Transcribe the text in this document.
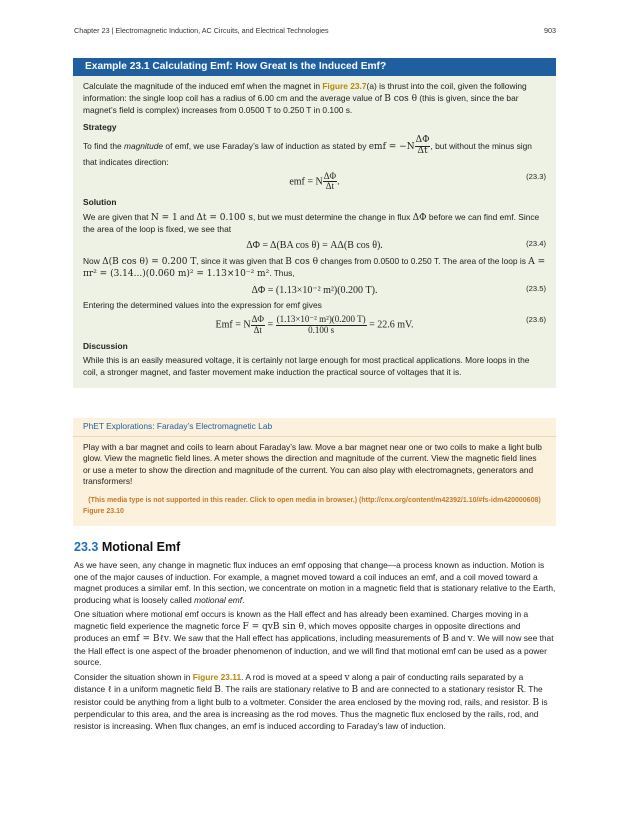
Chapter 23 | Electromagnetic Induction, AC Circuits, and Electrical Technologies	903
Example 23.1 Calculating Emf: How Great Is the Induced Emf?

Calculate the magnitude of the induced emf when the magnet in Figure 23.7(a) is thrust into the coil, given the following information: the single loop coil has a radius of 6.00 cm and the average value of B cos θ (this is given, since the bar magnet’s field is complex) increases from 0.0500 T to 0.250 T in 0.100 s.

Strategy

To find the magnitude of emf, we use Faraday’s law of induction as stated by emf = $-N \frac{\Delta\Phi}{\Delta t}$ , but without the minus sign that indicates direction:

emf = N $\frac{\Delta\Phi}{\Delta t}$ .
(23.3)
Solution

We are given that N = 1 and Δt = 0.100 s, but we must determine the change in flux ΔΦ before we can find emf. Since the area of the loop is fixed, we see that

ΔΦ = Δ(BA cos θ) = AΔ(B cos θ).	(23.4)

Now Δ(B cos θ) = 0.200 T, since it was given that B cos θ changes from 0.0500 to 0.250 T. The area of the loop is A = πr² = (3.14...)(0.060 m)² = 1.13×10⁻² m². Thus,

ΔΦ = (1.13×10⁻² m²)(0.200 T).	(23.5)

Entering the determined values into the expression for emf gives

Emf = N $\frac{\Delta\Phi}{\Delta t} = \frac{\text{(1.13×10⁻² m²)(0.200 T)}}{0.100 s} = 22.6$ mV.
(23.6)
Discussion

While this is an easily measured voltage, it is certainly not large enough for most practical applications. More loops in the coil, a stronger magnet, and faster movement make induction the practical source of voltages that it is.

PhET Explorations: Faraday’s Electromagnetic Lab

Play with a bar magnet and coils to learn about Faraday’s law. Move a bar magnet near one or two coils to make a light bulb glow. View the magnetic field lines. A meter shows the direction and magnitude of the current. View the magnetic field lines or use a meter to show the direction and magnitude of the current. You can also play with electromagnets, generators and transformers!

(This media type is not supported in this reader. Click to open media in browser.) (http://cnx.org/content/m42392/1.10/#fs-idm420000608)
Figure 23.10
23.3 Motional Emf

As we have seen, any change in magnetic flux induces an emf opposing that change—a process known as induction. Motion is one of the major causes of induction. For example, a magnet moved toward a coil induces an emf, and a coil moved toward a magnet produces a similar emf. In this section, we concentrate on motion in a magnetic field that is stationary relative to the Earth, producing what is loosely called motional emf.

One situation where motional emf occurs is known as the Hall effect and has already been examined. Charges moving in a magnetic field experience the magnetic force F = qvB sin θ, which moves opposite charges in opposite directions and produces an emf = Bℓv. We saw that the Hall effect has applications, including measurements of B and v. We will now see that the Hall effect is one aspect of the broader phenomenon of induction, and we will find that motional emf can be used as a power source.

Consider the situation shown in Figure 23.11. A rod is moved at a speed v along a pair of conducting rails separated by a distance ℓ in a uniform magnetic field B. The rails are stationary relative to B and are connected to a stationary resistor R. The resistor could be anything from a light bulb to a voltmeter. Consider the area enclosed by the moving rod, rails, and resistor. B is perpendicular to this area, and the area is increasing as the rod moves. Thus the magnetic flux enclosed by the rails, rod, and resistor is increasing. When flux changes, an emf is induced according to Faraday’s law of induction.
